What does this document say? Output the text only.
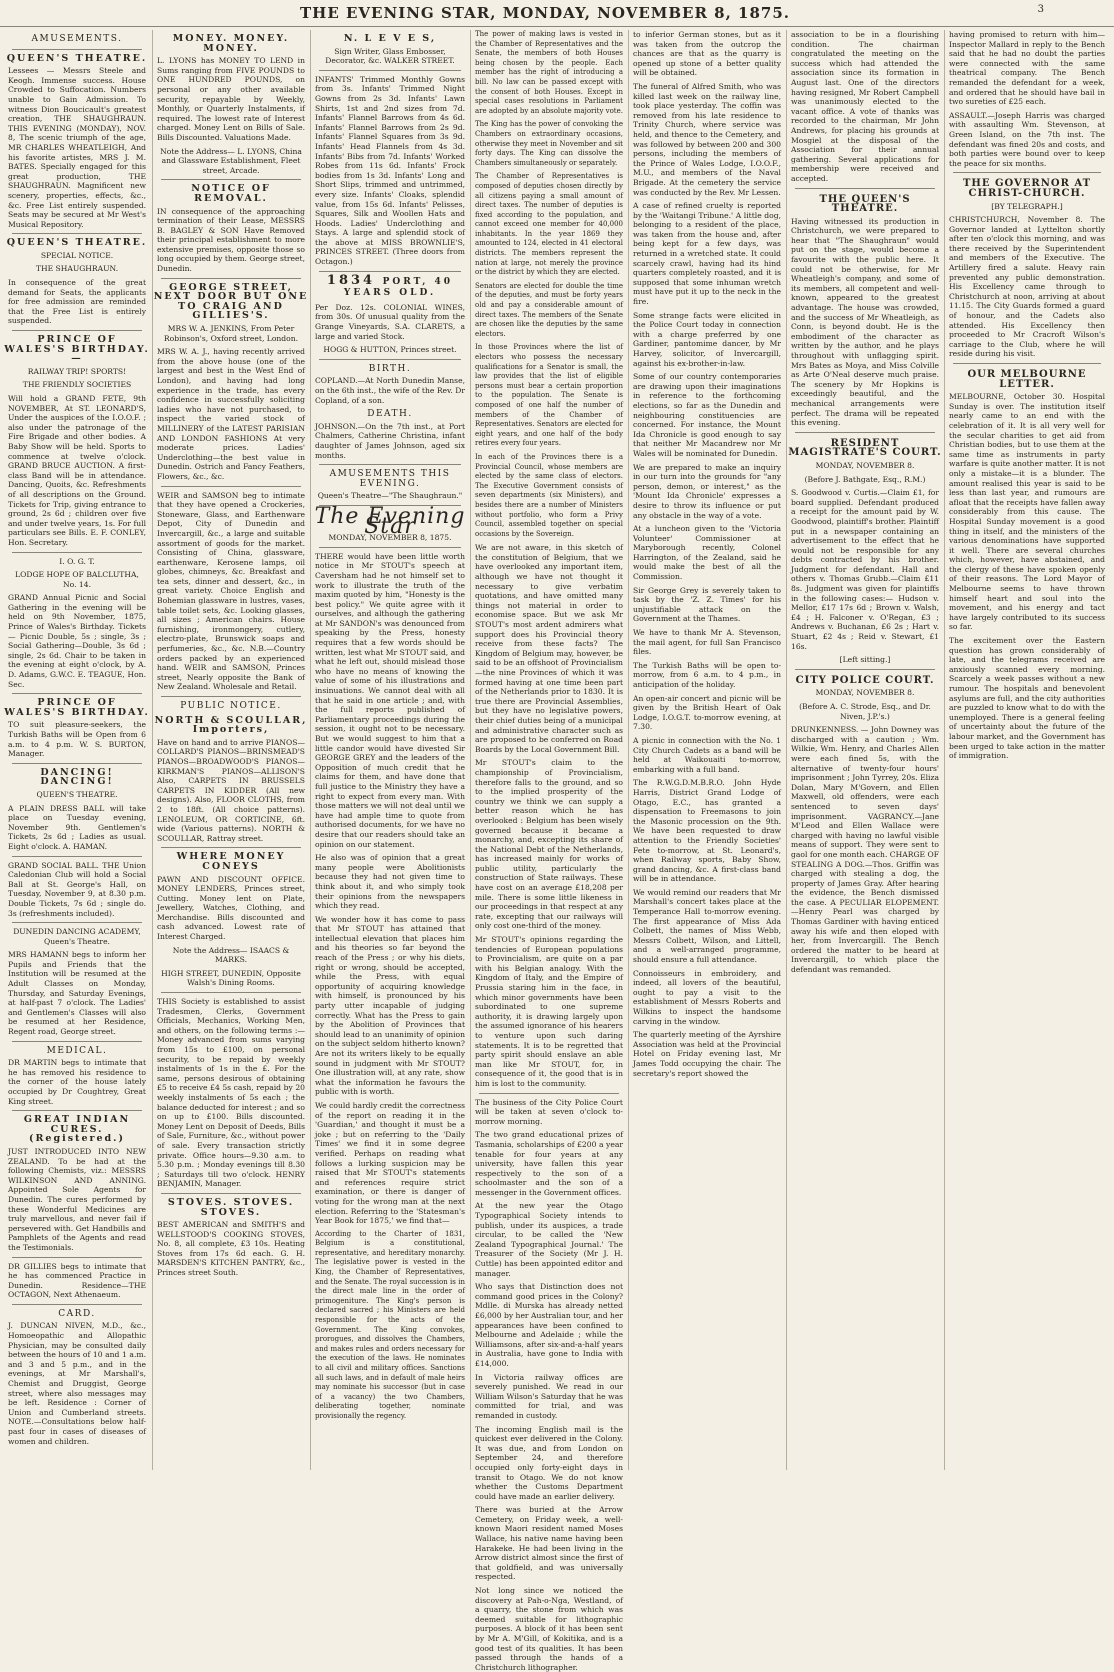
THE EVENING STAR, MONDAY, NOVEMBER 8, 1875.	3
AMUSEMENTS.
QUEEN'S THEATRE.

Lessees — Messrs Steele and Keogh. Immense success. House Crowded to Suffocation. Numbers unable to Gain Admission. To witness Dion Boucicault's greatest creation, THE SHAUGHRAUN. THIS EVENING (MONDAY), NOV. 8, The scenic triumph of the age, MR CHARLES WHEATLEIGH, And his favorite artistes, MRS J. M. BATES. Specially engaged for this great production, THE SHAUGHRAUN. Magnificent new scenery, properties, effects, &c., &c. Free List entirely suspended. Seats may be secured at Mr West's Musical Repository.

QUEEN'S THEATRE.

SPECIAL NOTICE.

THE SHAUGHRAUN.

In consequence of the great demand for Seats, the applicants for free admission are reminded that the Free List is entirely suspended.

PRINCE OF WALES'S BIRTHDAY.—

RAILWAY TRIP! SPORTS!

THE FRIENDLY SOCIETIES

Will hold a GRAND FETE, 9th NOVEMBER, At ST. LEONARD'S, Under the auspices of the I.O.O.F. ; also under the patronage of the Fire Brigade and other bodies. A Baby Show will be held. Sports to commence at twelve o'clock. GRAND BRUCE AUCTION. A first-class Band will be in attendance. Dancing, Quoits, &c. Refreshments of all descriptions on the Ground. Tickets for Trip, giving entrance to ground, 2s 6d ; children over five and under twelve years, 1s. For full particulars see Bills. E. F. CONLEY, Hon. Secretary.

I. O. G. T.

LODGE HOPE OF BALCLUTHA, No. 14.

GRAND Annual Picnic and Social Gathering in the evening will be held on 9th November, 1875, Prince of Wales's Birthday. Tickets — Picnic Double, 5s ; single, 3s ; Social Gathering—Double, 3s 6d ; single, 2s 6d. Chair to be taken in the evening at eight o'clock, by A. D. Adams, G.W.C. E. TEAGUE, Hon. Sec.

PRINCE OF WALES'S BIRTHDAY.

TO suit pleasure-seekers, the Turkish Baths will be Open from 6 a.m. to 4 p.m. W. S. BURTON, Manager.

DANCING! DANCING!

QUEEN'S THEATRE.

A PLAIN DRESS BALL will take place on Tuesday evening, November 9th. Gentlemen's Tickets, 2s 6d ; Ladies as usual. Eight o'clock. A. HAMAN.

GRAND SOCIAL BALL. THE Union Caledonian Club will hold a Social Ball at St. George's Hall, on Tuesday, November 9, at 8.30 p.m. Double Tickets, 7s 6d ; single do. 3s (refreshments included).

DUNEDIN DANCING ACADEMY, Queen's Theatre.

MRS HAMANN begs to inform her Pupils and Friends that the Institution will be resumed at the Adult Classes on Monday, Thursday, and Saturday Evenings, at half-past 7 o'clock. The Ladies' and Gentlemen's Classes will also be resumed at her Residence, Regent road, George street.

MEDICAL.

DR MARTIN begs to intimate that he has removed his residence to the corner of the house lately occupied by Dr Coughtrey, Great King street.

GREAT INDIAN CURES. (Registered.)

JUST INTRODUCED INTO NEW ZEALAND. To be had at the following Chemists, viz.: MESSRS WILKINSON AND ANNING. Appointed Sole Agents for Dunedin. The cures performed by these Wonderful Medicines are truly marvellous, and never fail if persevered with. Get Handbills and Pamphlets of the Agents and read the Testimonials.

DR GILLIES begs to intimate that he has commenced Practice in Dunedin. Residence—THE OCTAGON, Next Athenaeum.

CARD.

J. DUNCAN NIVEN, M.D., &c., Homoeopathic and Allopathic Physician, may be consulted daily between the hours of 10 and 1 a.m. and 3 and 5 p.m., and in the evenings, at Mr Marshall's, Chemist and Druggist, George street, where also messages may be left. Residence : Corner of Union and Cumberland streets. NOTE.—Consultations below half-past four in cases of diseases of women and children.

MONEY. MONEY. MONEY.

L. LYONS has MONEY TO LEND in Sums ranging from FIVE POUNDS to ONE HUNDRED POUNDS, on personal or any other available security, repayable by Weekly, Monthly, or Quarterly Instalments, if required. The lowest rate of Interest charged. Money Lent on Bills of Sale. Bills Discounted. Valuations Made.

Note the Address— L. LYONS, China and Glassware Establishment, Fleet street, Arcade.

NOTICE OF REMOVAL.

IN consequence of the approaching termination of their Lease, MESSRS B. BAGLEY & SON Have Removed their principal establishment to more extensive premises, opposite those so long occupied by them. George street, Dunedin.

GEORGE STREET, NEXT DOOR BUT ONE TO CRAIG AND GILLIES'S.

MRS W. A. JENKINS, From Peter Robinson's, Oxford street, London.

MRS W. A. J., having recently arrived from the above house (one of the largest and best in the West End of London), and having had long experience in the trade, has every confidence in successfully soliciting ladies who have not purchased, to inspect the varied stock of MILLINERY of the LATEST PARISIAN AND LONDON FASHIONS At very moderate prices. Ladies' Underclothing—the best value in Dunedin. Ostrich and Fancy Feathers, Flowers, &c., &c.

WEIR and SAMSON beg to intimate that they have opened a Crockeries, Stoneware, Glass, and Earthenware Depot, City of Dunedin and Invercargill, &c., a large and suitable assortment of goods for the market. Consisting of China, glassware, earthenware, Kerosene lamps, oil globes, chimneys, &c. Breakfast and tea sets, dinner and dessert, &c., in great variety. Choice English and Bohemian glassware in lustres, vases, table toilet sets, &c. Looking glasses, all sizes ; American chairs. House furnishing, ironmongery, cutlery, electro-plate, Brunswick soaps and perfumeries, &c., &c. N.B.—Country orders packed by an experienced hand. WEIR and SAMSON, Princes street, Nearly opposite the Bank of New Zealand. Wholesale and Retail.

PUBLIC NOTICE.
NORTH & SCOULLAR, Importers,

Have on hand and to arrive PIANOS—COLLARD'S PIANOS—BRINSMEAD'S PIANOS—BROADWOOD'S PIANOS—KIRKMAN'S PIANOS—ALLISON'S Also, CARPETS IN BRUSSELS CARPETS IN KIDDER (All new designs). Also, FLOOR CLOTHS, from 2 to 18ft. (All choice patterns). LENOLEUM, OR CORTICINE, 6ft. wide (Various patterns). NORTH & SCOULLAR, Rattray street.

WHERE MONEY CONEYS

PAWN AND DISCOUNT OFFICE. MONEY LENDERS, Princes street, Cutting. Money lent on Plate, Jewellery, Watches, Clothing, and Merchandise. Bills discounted and cash advanced. Lowest rate of Interest Charged.

Note the Address— ISAACS & MARKS.

HIGH STREET, DUNEDIN, Opposite Walsh's Dining Rooms.

THIS Society is established to assist Tradesmen, Clerks, Government Officials, Mechanics, Working Men, and others, on the following terms :— Money advanced from sums varying from 15s to £100, on personal security, to be repaid by weekly instalments of 1s in the £. For the same, persons desirous of obtaining £5 to receive £4 5s cash, repaid by 20 weekly instalments of 5s each ; the balance deducted for interest ; and so on up to £100. Bills discounted. Money Lent on Deposit of Deeds, Bills of Sale, Furniture, &c., without power of sale. Every transaction strictly private. Office hours—9.30 a.m. to 5.30 p.m. ; Monday evenings till 8.30 ; Saturdays till two o'clock. HENRY BENJAMIN, Manager.

STOVES. STOVES. STOVES.

BEST AMERICAN and SMITH'S and WELLSTOOD'S COOKING STOVES, No. 8, all complete, £3 10s. Heating Stoves from 17s 6d each. G. H. MARSDEN'S KITCHEN PANTRY, &c., Princes street South.

N. L E V E S,

Sign Writer, Glass Embosser, Decorator, &c. WALKER STREET.

INFANTS' Trimmed Monthly Gowns from 3s. Infants' Trimmed Night Gowns from 2s 3d. Infants' Lawn Shirts, 1st and 2nd sizes from 7d. Infants' Flannel Barrows from 4s 6d. Infants' Flannel Barrows from 2s 9d. Infants' Flannel Squares from 3s 9d. Infants' Head Flannels from 4s 3d. Infants' Bibs from 7d. Infants' Worked Robes from 11s 6d. Infants' Frock bodies from 1s 3d. Infants' Long and Short Slips, trimmed and untrimmed, every size. Infants' Cloaks, splendid value, from 15s 6d. Infants' Pelisses, Squares, Silk and Woollen Hats and Hoods. Ladies' Underclothing and Stays. A large and splendid stock of the above at MISS BROWNLIE'S, PRINCES STREET. (Three doors from Octagon.)

1834 PORT, 40 YEARS OLD.

Per Doz. 12s. COLONIAL WINES, from 30s. Of unusual quality from the Grange Vineyards, S.A. CLARETS, a large and varied Stock.

HOGG & HUTTON, Princes street.

BIRTH.

COPLAND.—At North Dunedin Manse, on the 6th inst., the wife of the Rev. Dr Copland, of a son.

DEATH.

JOHNSON.—On the 7th inst., at Port Chalmers, Catherine Christina, infant daughter of James Johnson, aged six months.

AMUSEMENTS THIS EVENING.

Queen's Theatre—"The Shaughraun."

The Evening Star

MONDAY, NOVEMBER 8, 1875.

THERE would have been little worth notice in Mr STOUT's speech at Caversham had he not himself set to work to illustrate the truth of the maxim quoted by him, "Honesty is the best policy." We quite agree with it ourselves, and although the gathering at Mr SANDON's was denounced from speaking by the Press, honesty requires that a few words should be written, lest what Mr STOUT said, and what he left out, should mislead those who have no means of knowing the value of some of his illustrations and insinuations. We cannot deal with all that he said in one article ; and, with the full reports published of Parliamentary proceedings during the session, it ought not to be necessary. But we would suggest to him that a little candor would have divested Sir GEORGE GREY and the leaders of the Opposition of much credit that he claims for them, and have done that full justice to the Ministry they have a right to expect from every man. With those matters we will not deal until we have had ample time to quote from authorised documents, for we have no desire that our readers should take an opinion on our statement.

He also was of opinion that a great many people were Abolitionists because they had not given time to think about it, and who simply took their opinions from the newspapers which they read.

We wonder how it has come to pass that Mr STOUT has attained that intellectual elevation that places him and his theories so far beyond the reach of the Press ; or why his diets, right or wrong, should be accepted, while the Press, with equal opportunity of acquiring knowledge with himself, is pronounced by his party utter incapable of judging correctly. What has the Press to gain by the Abolition of Provinces that should lead to an unanimity of opinion on the subject seldom hitherto known? Are not its writers likely to be equally sound in judgment with Mr STOUT? One illustration will, at any rate, show what the information he favours the public with is worth.

We could hardly credit the correctness of the report on reading it in the 'Guardian,' and thought it must be a joke ; but on referring to the 'Daily Times' we find it in some degree verified. Perhaps on reading what follows a lurking suspicion may be raised that Mr STOUT's statements and references require strict examination, or there is danger of voting for the wrong man at the next election. Referring to the 'Statesman's Year Book for 1875,' we find that—

According to the Charter of 1831, Belgium is a constitutional, representative, and hereditary monarchy. The legislative power is vested in the King, the Chamber of Representatives, and the Senate. The royal succession is in the direct male line in the order of primogeniture. The King's person is declared sacred ; his Ministers are held responsible for the acts of the Government. The King convokes, prorogues, and dissolves the Chambers, and makes rules and orders necessary for the execution of the laws. He nominates to all civil and military offices. Sanctions all such laws, and in default of male heirs may nominate his successor (but in case of a vacancy) the two Chambers, deliberating together, nominate provisionally the regency.

The power of making laws is vested in the Chamber of Representatives and the Senate, the members of both Houses being chosen by the people. Each member has the right of introducing a bill. No law can be passed except with the consent of both Houses. Except in special cases resolutions in Parliament are adopted by an absolute majority vote.

The King has the power of convoking the Chambers on extraordinary occasions, otherwise they meet in November and sit forty days. The King can dissolve the Chambers simultaneously or separately.

The Chamber of Representatives is composed of deputies chosen directly by all citizens paying a small amount of direct taxes. The number of deputies is fixed according to the population, and cannot exceed one member for 40,000 inhabitants. In the year 1869 they amounted to 124, elected in 41 electoral districts. The members represent the nation at large, not merely the province or the district by which they are elected.

Senators are elected for double the time of the deputies, and must be forty years old and pay a considerable amount of direct taxes. The members of the Senate are chosen like the deputies by the same electors.

In those Provinces where the list of electors who possess the necessary qualifications for a Senator is small, the law provides that the list of eligible persons must bear a certain proportion to the population. The Senate is composed of one half the number of members of the Chamber of Representatives. Senators are elected for eight years, and one half of the body retires every four years.

In each of the Provinces there is a Provincial Council, whose members are elected by the same class of electors. The Executive Government consists of seven departments (six Ministers), and besides there are a number of Ministers without portfolio, who form a Privy Council, assembled together on special occasions by the Sovereign.

We are not aware, in this sketch of the constitution of Belgium, that we have overlooked any important item, although we have not thought it necessary to give verbatim quotations, and have omitted many things not material in order to economise space. But we ask Mr STOUT's most ardent admirers what support does his Provincial theory receive from these facts? The Kingdom of Belgium may, however, be said to be an offshoot of Provincialism—the nine Provinces of which it was formed having at one time been part of the Netherlands prior to 1830. It is true there are Provincial Assemblies, but they have no legislative powers, their chief duties being of a municipal and administrative character such as are proposed to be conferred on Road Boards by the Local Government Bill.

Mr STOUT's claim to the championship of Provincialism, therefore falls to the ground, and so to the implied prosperity of the country we think we can supply a better reason which he has overlooked : Belgium has been wisely governed because it became a monarchy, and, excepting its share of the National Debt of the Netherlands, has increased mainly for works of public utility, particularly the construction of State railways. These have cost on an average £18,208 per mile. There is some little likeness in our proceedings in that respect at any rate, excepting that our railways will only cost one-third of the money.

Mr STOUT's opinions regarding the tendencies of European populations to Provincialism, are quite on a par with his Belgian analogy. With the Kingdom of Italy, and the Empire of Prussia staring him in the face, in which minor governments have been subordinated to one supreme authority, it is drawing largely upon the assumed ignorance of his hearers to venture upon such daring statements. It is to be regretted that party spirit should enslave an able man like Mr STOUT, for, in consequence of it, the good that is in him is lost to the community.

The business of the City Police Court will be taken at seven o'clock to-morrow morning.

The two grand educational prizes of Tasmania, scholarships of £200 a year tenable for four years at any university, have fallen this year respectively to the son of a schoolmaster and the son of a messenger in the Government offices.

At the new year the Otago Typographical Society intends to publish, under its auspices, a trade circular, to be called the 'New Zealand Typographical Journal.' The Treasurer of the Society (Mr J. H. Cuttle) has been appointed editor and manager.

Who says that Distinction does not command good prices in the Colony? Mdlle. di Murska has already netted £6,000 by her Australian tour, and her appearances have been confined to Melbourne and Adelaide ; while the Williamsons, after six-and-a-half years in Australia, have gone to India with £14,000.

In Victoria railway offices are severely punished. We read in our William Wilson's Saturday that he was committed for trial, and was remanded in custody.

The incoming English mail is the quickest ever delivered in the Colony. It was due, and from London on September 24, and therefore occupied only forty-eight days in transit to Otago. We do not know whether the Customs Department could have made an earlier delivery.

There was buried at the Arrow Cemetery, on Friday week, a well-known Maori resident named Moses Wallace, his native name having been Harakeke. He had been living in the Arrow district almost since the first of that goldfield, and was universally respected.

Not long since we noticed the discovery at Pah-o-Nga, Westland, of a quarry, the stone from which was deemed suitable for lithographic purposes. A block of it has been sent by Mr A. M'Gill, of Kokitika, and is a good test of its qualities. It has been passed through the hands of a Christchurch lithographer.

to inferior German stones, but as it was taken from the outcrop the chances are that as the quarry is opened up stone of a better quality will be obtained.

The funeral of Alfred Smith, who was killed last week on the railway line, took place yesterday. The coffin was removed from his late residence to Trinity Church, where service was held, and thence to the Cemetery, and was followed by between 200 and 300 persons, including the members of the Prince of Wales Lodge, I.O.O.F., M.U., and members of the Naval Brigade. At the cemetery the service was conducted by the Rev. Mr Lessen.

A case of refined cruelty is reported by the 'Waitangi Tribune.' A little dog, belonging to a resident of the place, was taken from the house and, after being kept for a few days, was returned in a wretched state. It could scarcely crawl, having had its hind quarters completely roasted, and it is supposed that some inhuman wretch must have put it up to the neck in the fire.

Some strange facts were elicited in the Police Court today in connection with a charge preferred by one Gardiner, pantomime dancer, by Mr Harvey, solicitor, of Invercargill, against his ex-brother-in-law.

Some of our country contemporaries are drawing upon their imaginations in reference to the forthcoming elections, so far as the Dunedin and neighbouring constituencies are concerned. For instance, the Mount Ida Chronicle is good enough to say that neither Mr Macandrew nor Mr Wales will be nominated for Dunedin.

We are prepared to make an inquiry in our turn into the grounds for "any person, demon, or interest," as the 'Mount Ida Chronicle' expresses a desire to throw its influence or put any obstacle in the way of a vote.

At a luncheon given to the 'Victoria Volunteer' Commissioner at Maryborough recently, Colonel Harrington, of the Zealand, said he would make the best of all the Commission.

Sir George Grey is severely taken to task by the 'Z. Z. Times' for his unjustifiable attack on the Government at the Thames.

We have to thank Mr A. Stevenson, the mail agent, for full San Francisco files.

The Turkish Baths will be open to-morrow, from 6 a.m. to 4 p.m., in anticipation of the holiday.

An open-air concert and picnic will be given by the British Heart of Oak Lodge, I.O.G.T. to-morrow evening, at 7.30.

A picnic in connection with the No. 1 City Church Cadets as a band will be held at Waikouaiti to-morrow, embarking with a full band.

The R.W.G.D.M.B.R.O. John Hyde Harris, District Grand Lodge of Otago, E.C., has granted a dispensation to Freemasons to join the Masonic procession on the 9th. We have been requested to draw attention to the Friendly Societies' Fete to-morrow, at St. Leonard's, when Railway sports, Baby Show, grand dancing, &c. A first-class band will be in attendance.

We would remind our readers that Mr Marshall's concert takes place at the Temperance Hall to-morrow evening. The first appearance of Miss Ada Colbett, the names of Miss Webb, Messrs Colbett, Wilson, and Littell, and a well-arranged programme, should ensure a full attendance.

Connoisseurs in embroidery, and indeed, all lovers of the beautiful, ought to pay a visit to the establishment of Messrs Roberts and Wilkins to inspect the handsome carving in the window.

The quarterly meeting of the Ayrshire Association was held at the Provincial Hotel on Friday evening last, Mr James Todd occupying the chair. The secretary's report showed the

association to be in a flourishing condition. The chairman congratulated the meeting on the success which had attended the association since its formation in August last. One of the directors having resigned, Mr Robert Campbell was unanimously elected to the vacant office. A vote of thanks was recorded to the chairman, Mr John Andrews, for placing his grounds at Mosgiel at the disposal of the Association for their annual gathering. Several applications for membership were received and accepted.

THE QUEEN'S THEATRE.

Having witnessed its production in Christchurch, we were prepared to hear that "The Shaughraun" would put on the stage, would become a favourite with the public here. It could not be otherwise, for Mr Wheatleigh's company, and some of its members, all competent and well-known, appeared to the greatest advantage. The house was crowded, and the success of Mr Wheatleigh, as Conn, is beyond doubt. He is the embodiment of the character as written by the author, and he plays throughout with unflagging spirit. Mrs Bates as Moya, and Miss Colville as Arte O'Neal deserve much praise. The scenery by Mr Hopkins is exceedingly beautiful, and the mechanical arrangements were perfect. The drama will be repeated this evening.

RESIDENT MAGISTRATE'S COURT.

MONDAY, NOVEMBER 8.

(Before J. Bathgate, Esq., R.M.)

S. Goodwood v. Curtis.—Claim £1, for board supplied. Defendant produced a receipt for the amount paid by W. Goodwood, plaintiff's brother. Plaintiff put in a newspaper containing an advertisement to the effect that he would not be responsible for any debts contracted by his brother. Judgment for defendant. Hall and others v. Thomas Grubb.—Claim £11 8s. Judgment was given for plaintiffs in the following cases:— Hudson v. Mellor, £17 17s 6d ; Brown v. Walsh, £4 ; H. Falconer v. O'Regan, £3 ; Andrews v. Buchanan, £6 2s ; Hart v. Stuart, £2 4s ; Reid v. Stewart, £1 16s.

[Left sitting.]

CITY POLICE COURT.

MONDAY, NOVEMBER 8.

(Before A. C. Strode, Esq., and Dr. Niven, J.P.'s.)

DRUNKENNESS. — John Downey was discharged with a caution ; Wm. Wilkie, Wm. Henry, and Charles Allen were each fined 5s, with the alternative of twenty-four hours' imprisonment ; John Tyrrey, 20s. Eliza Dolan, Mary M'Govern, and Ellen Maxwell, old offenders, were each sentenced to seven days' imprisonment. VAGRANCY.—Jane M'Leod and Ellen Wallace were charged with having no lawful visible means of support. They were sent to gaol for one month each. CHARGE OF STEALING A DOG.—Thos. Griffin was charged with stealing a dog, the property of James Gray. After hearing the evidence, the Bench dismissed the case. A PECULIAR ELOPEMENT.—Henry Pearl was charged by Thomas Gardiner with having enticed away his wife and then eloped with her, from Invercargill. The Bench ordered the matter to be heard at Invercargill, to which place the defendant was remanded.

having promised to return with him—Inspector Mallard in reply to the Bench said that he had no doubt the parties were connected with the same theatrical company. The Bench remanded the defendant for a week, and ordered that he should have bail in two sureties of £25 each.

ASSAULT.—Joseph Harris was charged with assaulting Wm. Stevenson, at Green Island, on the 7th inst. The defendant was fined 20s and costs, and both parties were bound over to keep the peace for six months.

THE GOVERNOR AT CHRIST-CHURCH.

[BY TELEGRAPH.]

CHRISTCHURCH, November 8. The Governor landed at Lyttelton shortly after ten o'clock this morning, and was there received by the Superintendent and members of the Executive. The Artillery fired a salute. Heavy rain prevented any public demonstration. His Excellency came through to Christchurch at noon, arriving at about 11.15. The City Guards formed a guard of honour, and the Cadets also attended. His Excellency then proceeded to Mr Cracroft Wilson's carriage to the Club, where he will reside during his visit.

OUR MELBOURNE LETTER.

MELBOURNE, October 30. Hospital Sunday is over. The institution itself nearly came to an end with the celebration of it. It is all very well for the secular charities to get aid from Christian bodies, but to use them at the same time as instruments in party warfare is quite another matter. It is not only a mistake—it is a blunder. The amount realised this year is said to be less than last year, and rumours are afloat that the receipts have fallen away considerably from this cause. The Hospital Sunday movement is a good thing in itself, and the ministers of the various denominations have supported it well. There are several churches which, however, have abstained, and the clergy of these have spoken openly of their reasons. The Lord Mayor of Melbourne seems to have thrown himself heart and soul into the movement, and his energy and tact have largely contributed to its success so far.

The excitement over the Eastern question has grown considerably of late, and the telegrams received are anxiously scanned every morning. Scarcely a week passes without a new rumour. The hospitals and benevolent asylums are full, and the city authorities are puzzled to know what to do with the unemployed. There is a general feeling of uncertainty about the future of the labour market, and the Government has been urged to take action in the matter of immigration.
